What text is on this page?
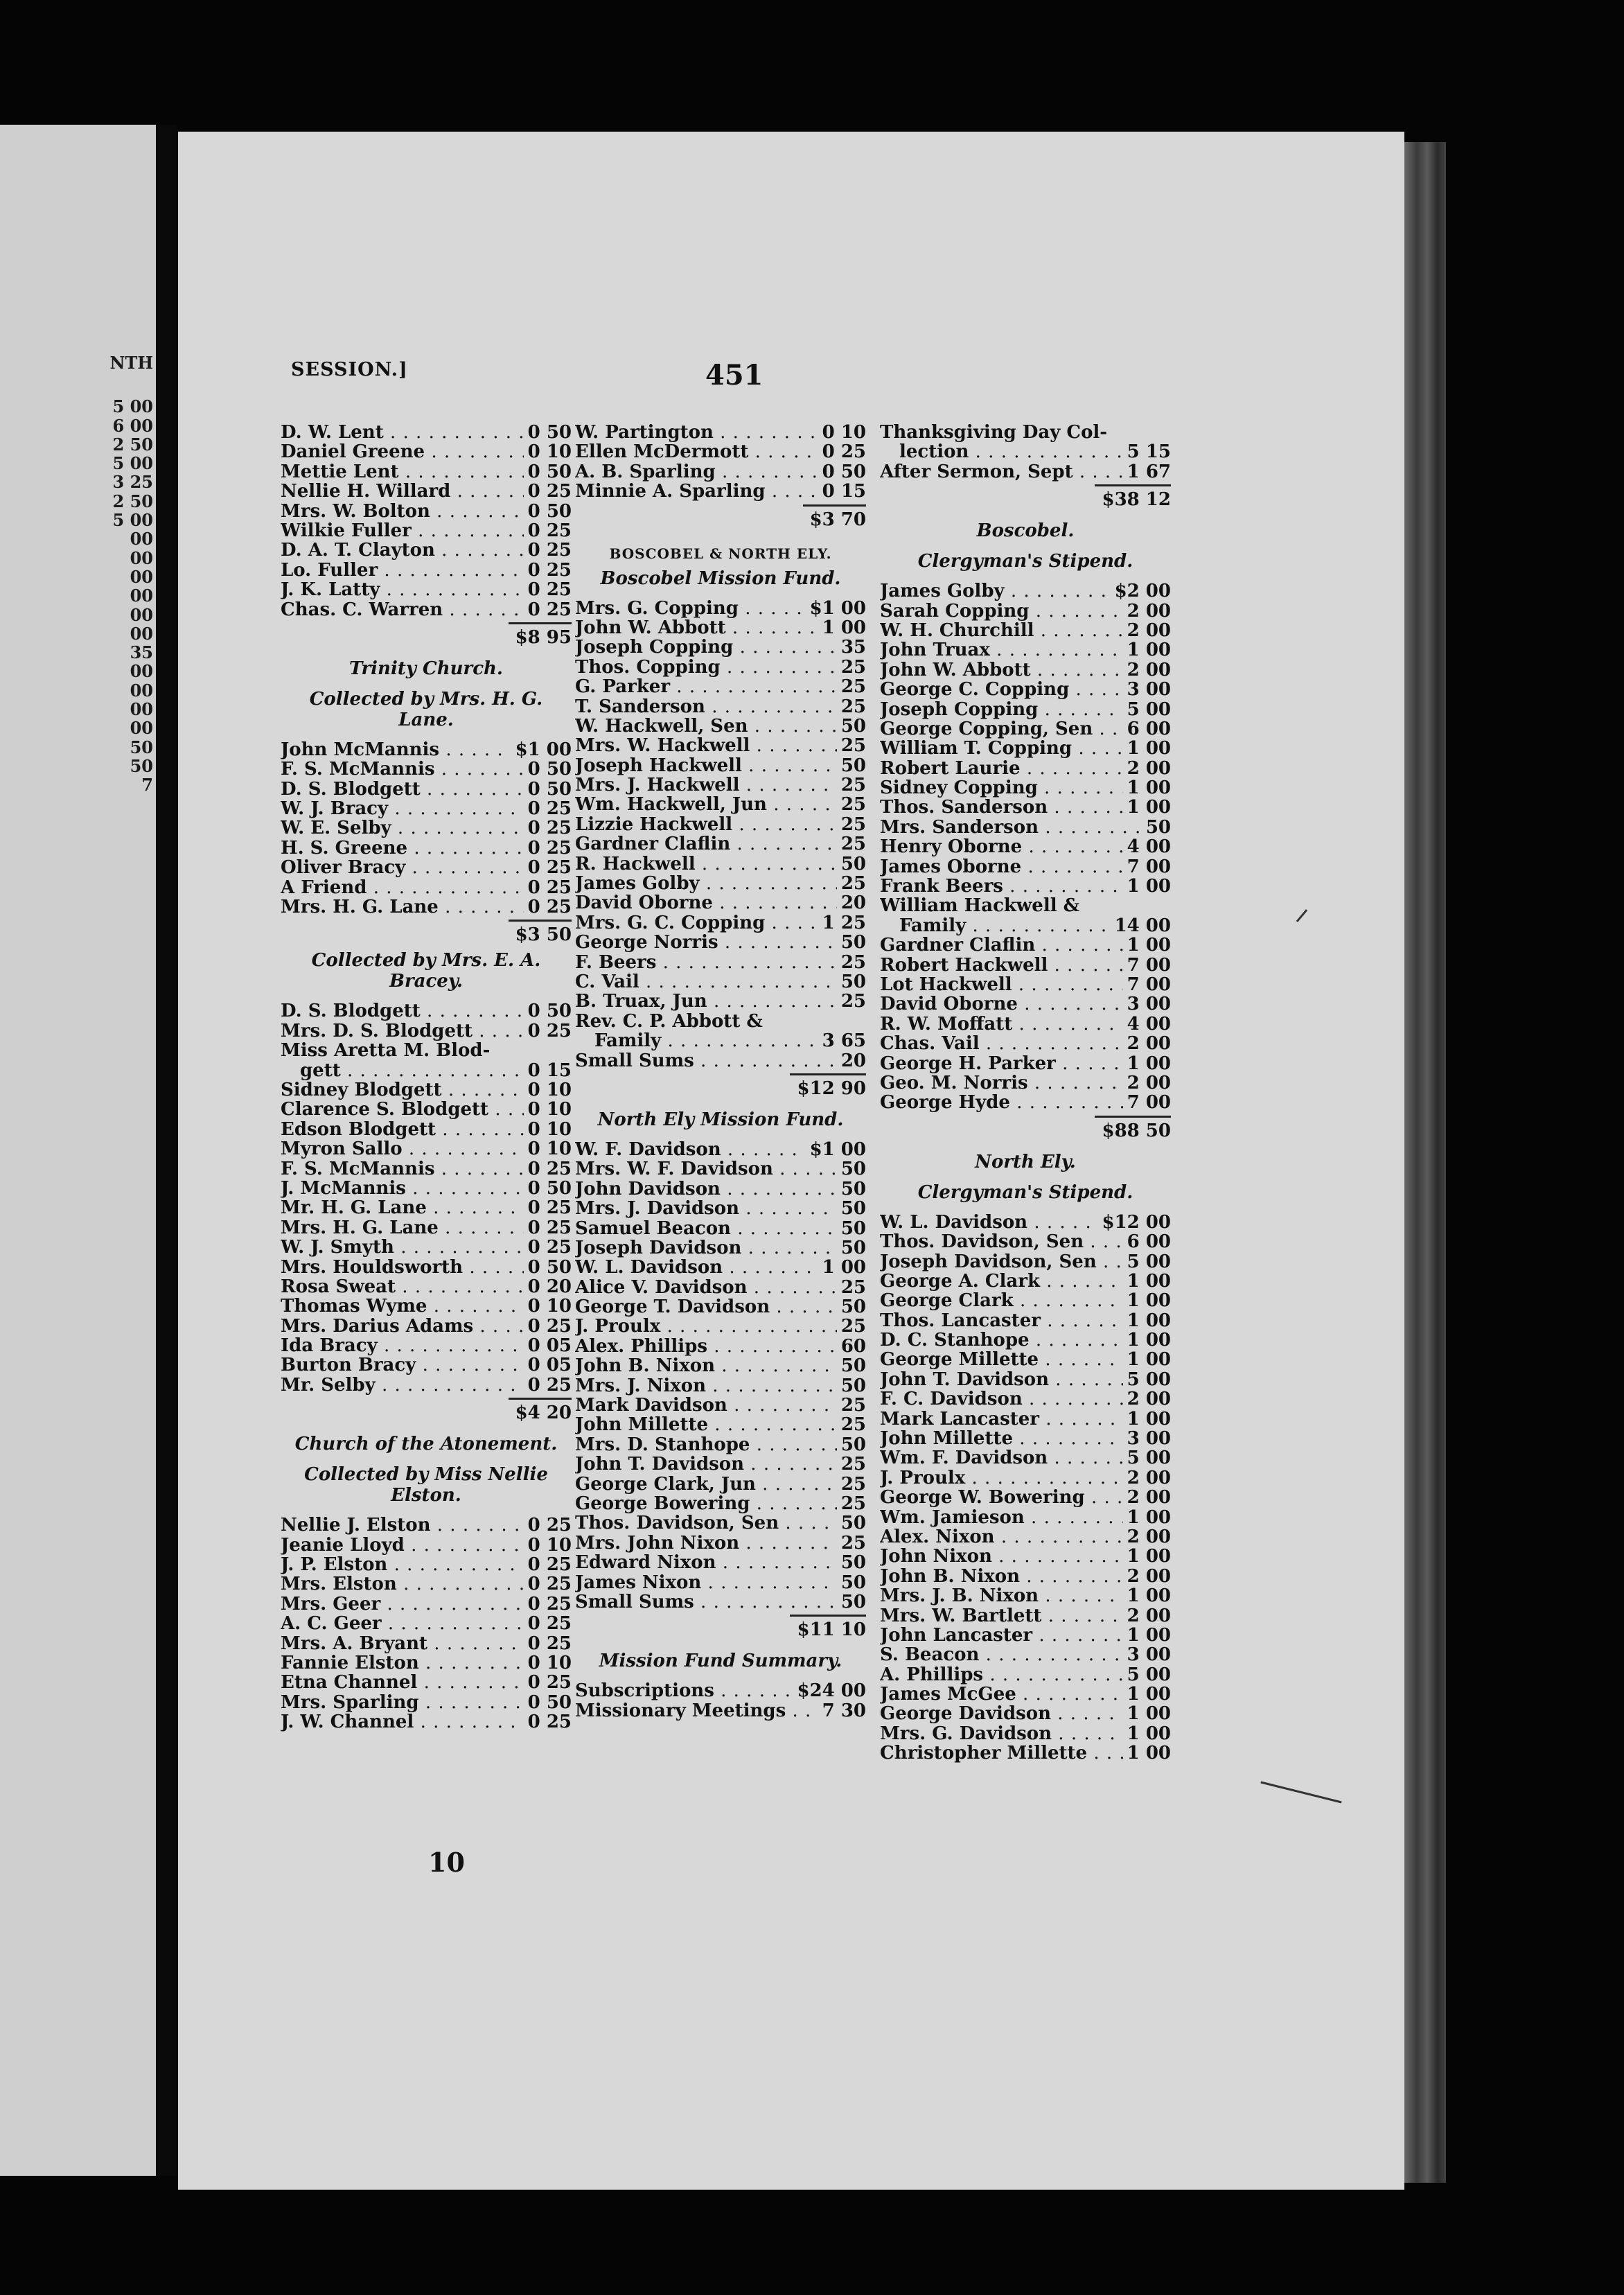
NTH
5 00
6 00
2 50
5 00
3 25
2 50
5 00
00
00
00
00
00
00
35
00
00
00
00
50
50
7
SESSION.]	451
D. W. Lent . . .	0 50
Daniel Greene . . .	0 10
Mettie Lent . . .	0 50
Nellie H. Willard . . .	0 25
Mrs. W. Bolton . . .	0 50
Wilkie Fuller . . .	0 25
D. A. T. Clayton . . .	0 25
Lo. Fuller . . .	0 25
J. K. Latty . . .	0 25
Chas. C. Warren . . .	0 25
$8 95
Trinity Church.
Collected by Mrs. H. G. Lane.
John McMannis . . .	$1 00
F. S. McMannis . . .	0 50
D. S. Blodgett . . .	0 50
W. J. Bracy . . .	0 25
W. E. Selby . . .	0 25
H. S. Greene . . .	0 25
Oliver Bracy . . .	0 25
A Friend . . .	0 25
Mrs. H. G. Lane . . .	0 25
$3 50
Collected by Mrs. E. A. Bracey.
D. S. Blodgett . . .	0 50
Mrs. D. S. Blodgett . . .	0 25
Miss Aretta M. Blod-
gett . . .	0 15
Sidney Blodgett . . .	0 10
Clarence S. Blodgett . . .	0 10
Edson Blodgett . . .	0 10
Myron Sallo . . .	0 10
F. S. McMannis . . .	0 25
J. McMannis . . .	0 50
Mr. H. G. Lane . . .	0 25
Mrs. H. G. Lane . . .	0 25
W. J. Smyth . . .	0 25
Mrs. Houldsworth . . .	0 50
Rosa Sweat . . .	0 20
Thomas Wyme . . .	0 10
Mrs. Darius Adams . . .	0 25
Ida Bracy . . .	0 05
Burton Bracy . . .	0 05
Mr. Selby . . .	0 25
$4 20
Church of the Atonement.
Collected by Miss Nellie Elston.
Nellie J. Elston . . .	0 25
Jeanie Lloyd . . .	0 10
J. P. Elston . . .	0 25
Mrs. Elston . . .	0 25
Mrs. Geer . . .	0 25
A. C. Geer . . .	0 25
Mrs. A. Bryant . . .	0 25
Fannie Elston . . .	0 10
Etna Channel . . .	0 25
Mrs. Sparling . . .	0 50
J. W. Channel . . .	0 25
W. Partington . . .	0 10
Ellen McDermott . . .	0 25
A. B. Sparling . . .	0 50
Minnie A. Sparling . . .	0 15
$3 70
BOSCOBEL & NORTH ELY.
Boscobel Mission Fund.
Mrs. G. Copping . . .	$1 00
John W. Abbott . . .	1 00
Joseph Copping . . .	35
Thos. Copping . . .	25
G. Parker . . .	25
T. Sanderson . . .	25
W. Hackwell, Sen . . .	50
Mrs. W. Hackwell . . .	25
Joseph Hackwell . . .	50
Mrs. J. Hackwell . . .	25
Wm. Hackwell, Jun . . .	25
Lizzie Hackwell . . .	25
Gardner Claflin . . .	25
R. Hackwell . . .	50
James Golby . . .	25
David Oborne . . .	20
Mrs. G. C. Copping . . .	1 25
George Norris . . .	50
F. Beers . . .	25
C. Vail . . .	50
B. Truax, Jun . . .	25
Rev. C. P. Abbott &
Family . . .	3 65
Small Sums . . .	20
$12 90
North Ely Mission Fund.
W. F. Davidson . . .	$1 00
Mrs. W. F. Davidson . . .	50
John Davidson . . .	50
Mrs. J. Davidson . . .	50
Samuel Beacon . . .	50
Joseph Davidson . . .	50
W. L. Davidson . . .	1 00
Alice V. Davidson . . .	25
George T. Davidson . . .	50
J. Proulx . . .	25
Alex. Phillips . . .	60
John B. Nixon . . .	50
Mrs. J. Nixon . . .	50
Mark Davidson . . .	25
John Millette . . .	25
Mrs. D. Stanhope . . .	50
John T. Davidson . . .	25
George Clark, Jun . . .	25
George Bowering . . .	25
Thos. Davidson, Sen . . .	50
Mrs. John Nixon . . .	25
Edward Nixon . . .	50
James Nixon . . .	50
Small Sums . . .	50
$11 10
Mission Fund Summary.
Subscriptions . . .	$24 00
Missionary Meetings . . .	7 30
Thanksgiving Day Col-
lection . . .	5 15
After Sermon, Sept . . .	1 67
$38 12
Boscobel.
Clergyman's Stipend.
James Golby . . .	$2 00
Sarah Copping . . .	2 00
W. H. Churchill . . .	2 00
John Truax . . .	1 00
John W. Abbott . . .	2 00
George C. Copping . . .	3 00
Joseph Copping . . .	5 00
George Copping, Sen . . .	6 00
William T. Copping . . .	1 00
Robert Laurie . . .	2 00
Sidney Copping . . .	1 00
Thos. Sanderson . . .	1 00
Mrs. Sanderson . . .	50
Henry Oborne . . .	4 00
James Oborne . . .	7 00
Frank Beers . . .	1 00
William Hackwell &
Family . . .	14 00
Gardner Claflin . . .	1 00
Robert Hackwell . . .	7 00
Lot Hackwell . . .	7 00
David Oborne . . .	3 00
R. W. Moffatt . . .	4 00
Chas. Vail . . .	2 00
George H. Parker . . .	1 00
Geo. M. Norris . . .	2 00
George Hyde . . .	7 00
$88 50
North Ely.
Clergyman's Stipend.
W. L. Davidson . . .	$12 00
Thos. Davidson, Sen . . .	6 00
Joseph Davidson, Sen . . .	5 00
George A. Clark . . .	1 00
George Clark . . .	1 00
Thos. Lancaster . . .	1 00
D. C. Stanhope . . .	1 00
George Millette . . .	1 00
John T. Davidson . . .	5 00
F. C. Davidson . . .	2 00
Mark Lancaster . . .	1 00
John Millette . . .	3 00
Wm. F. Davidson . . .	5 00
J. Proulx . . .	2 00
George W. Bowering . . .	2 00
Wm. Jamieson . . .	1 00
Alex. Nixon . . .	2 00
John Nixon . . .	1 00
John B. Nixon . . .	2 00
Mrs. J. B. Nixon . . .	1 00
Mrs. W. Bartlett . . .	2 00
John Lancaster . . .	1 00
S. Beacon . . .	3 00
A. Phillips . . .	5 00
James McGee . . .	1 00
George Davidson . . .	1 00
Mrs. G. Davidson . . .	1 00
Christopher Millette . . .	1 00
10
